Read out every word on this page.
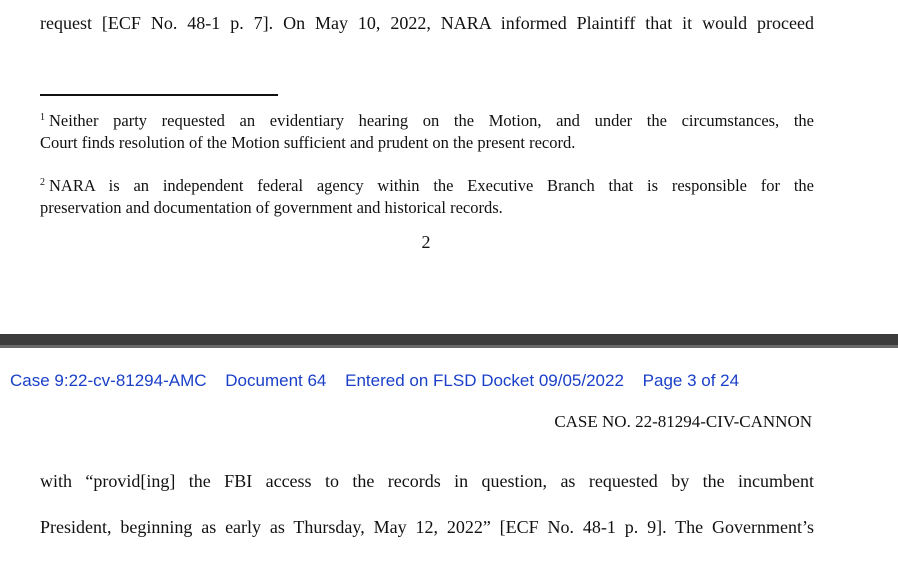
request [ECF No. 48-1 p. 7]. On May 10, 2022, NARA informed Plaintiff that it would proceed
$^1$ Neither party requested an evidentiary hearing on the Motion, and under the circumstances, the
Court finds resolution of the Motion sufficient and prudent on the present record.
$^2$ NARA is an independent federal agency within the Executive Branch that is responsible for the
preservation and documentation of government and historical records.
2
Case 9:22-cv-81294-AMC Document 64 Entered on FLSD Docket 09/05/2022 Page 3 of 24
CASE NO. 22-81294-CIV-CANNON
with “provid[ing] the FBI access to the records in question, as requested by the incumbent
President, beginning as early as Thursday, May 12, 2022” [ECF No. 48-1 p. 9]. The Government’s
